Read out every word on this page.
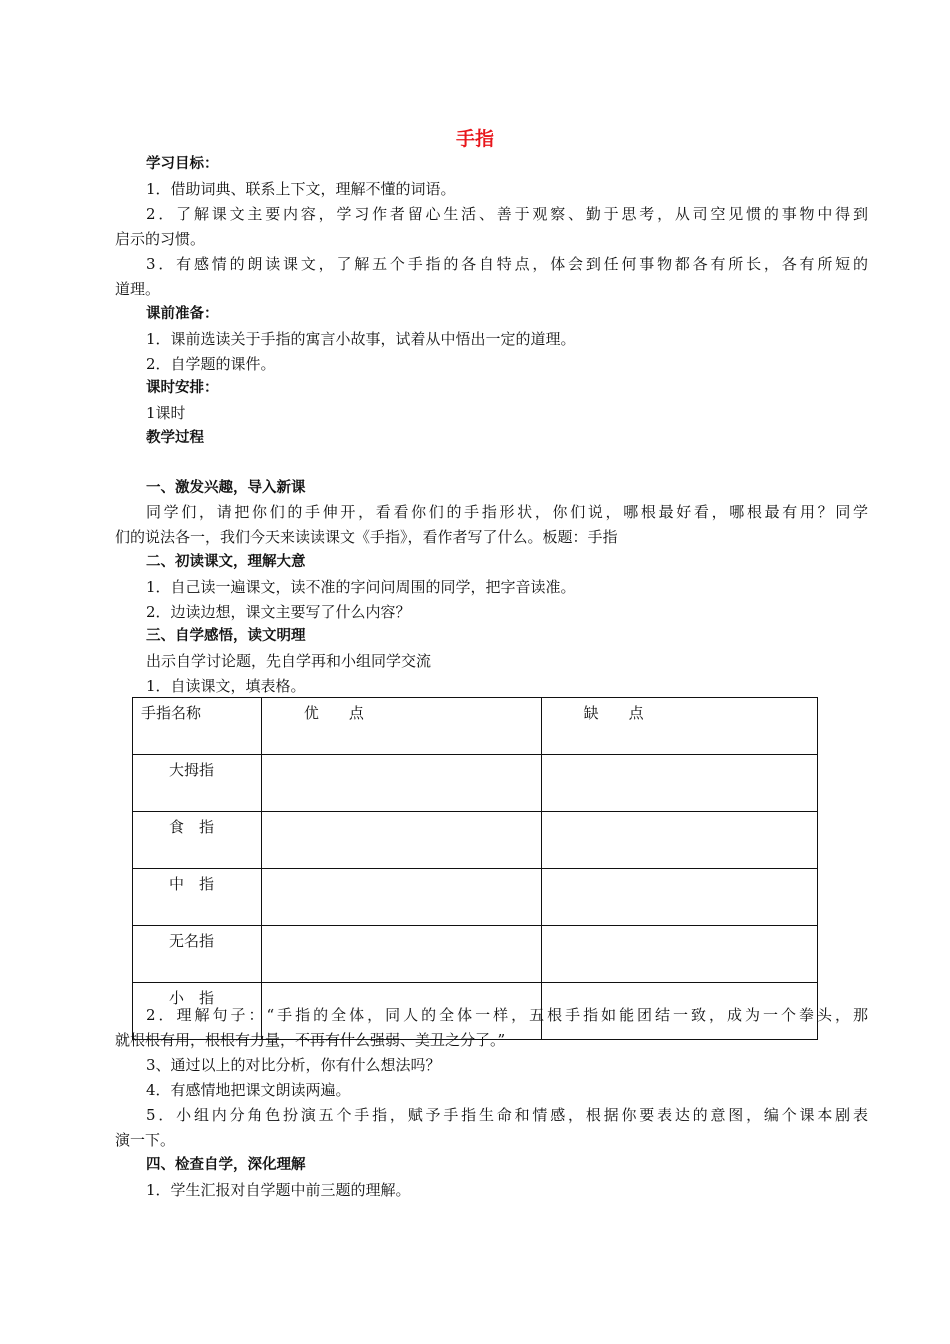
手指
学习目标：
1．借助词典、联系上下文，理解不懂的词语。
2．了解课文主要内容，学习作者留心生活、善于观察、勤于思考，从司空见惯的事物中得到
启示的习惯。
3．有感情的朗读课文，了解五个手指的各自特点，体会到任何事物都各有所长，各有所短的
道理。
课前准备：
1．课前选读关于手指的寓言小故事，试着从中悟出一定的道理。
2．自学题的课件。
课时安排：
1课时
教学过程
一、激发兴趣，导入新课
同学们，请把你们的手伸开，看看你们的手指形状，你们说，哪根最好看，哪根最有用？同学
们的说法各一，我们今天来读读课文《手指》，看作者写了什么。板题：手指
二、初读课文，理解大意
1．自己读一遍课文，读不准的字问问周围的同学，把字音读准。
2．边读边想，课文主要写了什么内容？
三、自学感悟，读文明理
出示自学讨论题，先自学再和小组同学交流
1．自读课文，填表格。
手指名称	优　　点	缺　　点
大拇指		
食　指		
中　指		
无名指		
小　指		
2．理解句子：“手指的全体，同人的全体一样，五根手指如能团结一致，成为一个拳头，那
就根根有用，根根有力量，不再有什么强弱、美丑之分了。”
3、通过以上的对比分析，你有什么想法吗？
4．有感情地把课文朗读两遍。
5．小组内分角色扮演五个手指，赋予手指生命和情感，根据你要表达的意图，编个课本剧表
演一下。
四、检查自学，深化理解
1．学生汇报对自学题中前三题的理解。
